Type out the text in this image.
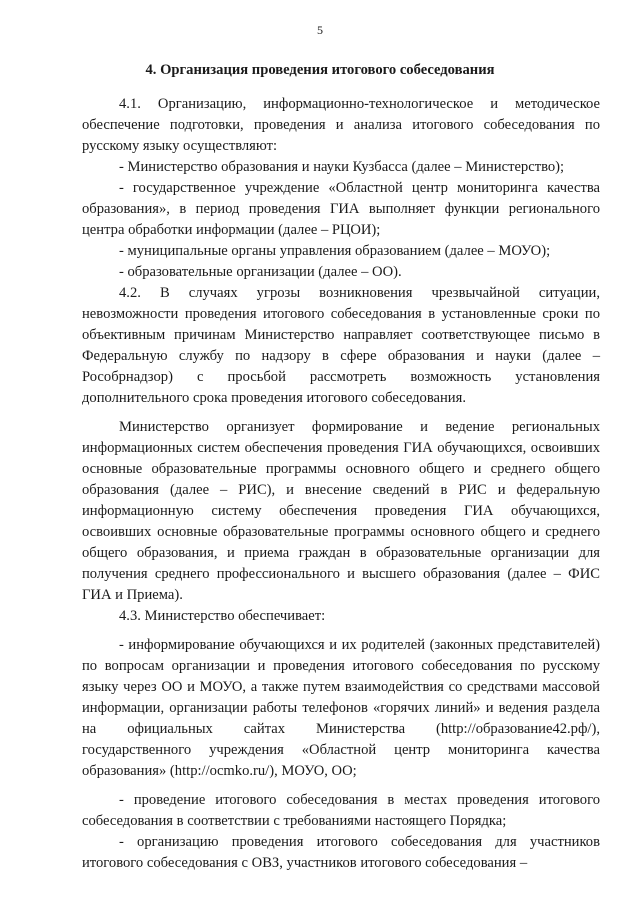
5
4. Организация проведения итогового собеседования

4.1. Организацию, информационно-технологическое и методическое обеспечение подготовки, проведения и анализа итогового собеседования по русскому языку осуществляют:

- Министерство образования и науки Кузбасса (далее – Министерство);

- государственное учреждение «Областной центр мониторинга качества образования», в период проведения ГИА выполняет функции регионального центра обработки информации (далее – РЦОИ);

- муниципальные органы управления образованием (далее – МОУО);

- образовательные организации (далее – ОО).

4.2. В случаях угрозы возникновения чрезвычайной ситуации, невозможности проведения итогового собеседования в установленные сроки по объективным причинам Министерство направляет соответствующее письмо в Федеральную службу по надзору в сфере образования и науки (далее – Рособрнадзор) с просьбой рассмотреть возможность установления дополнительного срока проведения итогового собеседования.

Министерство организует формирование и ведение региональных информационных систем обеспечения проведения ГИА обучающихся, освоивших основные образовательные программы основного общего и среднего общего образования (далее – РИС), и внесение сведений в РИС и федеральную информационную систему обеспечения проведения ГИА обучающихся, освоивших основные образовательные программы основного общего и среднего общего образования, и приема граждан в образовательные организации для получения среднего профессионального и высшего образования (далее – ФИС ГИА и Приема).

4.3. Министерство обеспечивает:

- информирование обучающихся и их родителей (законных представителей) по вопросам организации и проведения итогового собеседования по русскому языку через ОО и МОУО, а также путем взаимодействия со средствами массовой информации, организации работы телефонов «горячих линий» и ведения раздела на официальных сайтах Министерства (http://образование42.рф/), государственного учреждения «Областной центр мониторинга качества образования» (http://ocmko.ru/), МОУО, ОО;

- проведение итогового собеседования в местах проведения итогового собеседования в соответствии с требованиями настоящего Порядка;

- организацию проведения итогового собеседования для участников итогового собеседования с ОВЗ, участников итогового собеседования –
